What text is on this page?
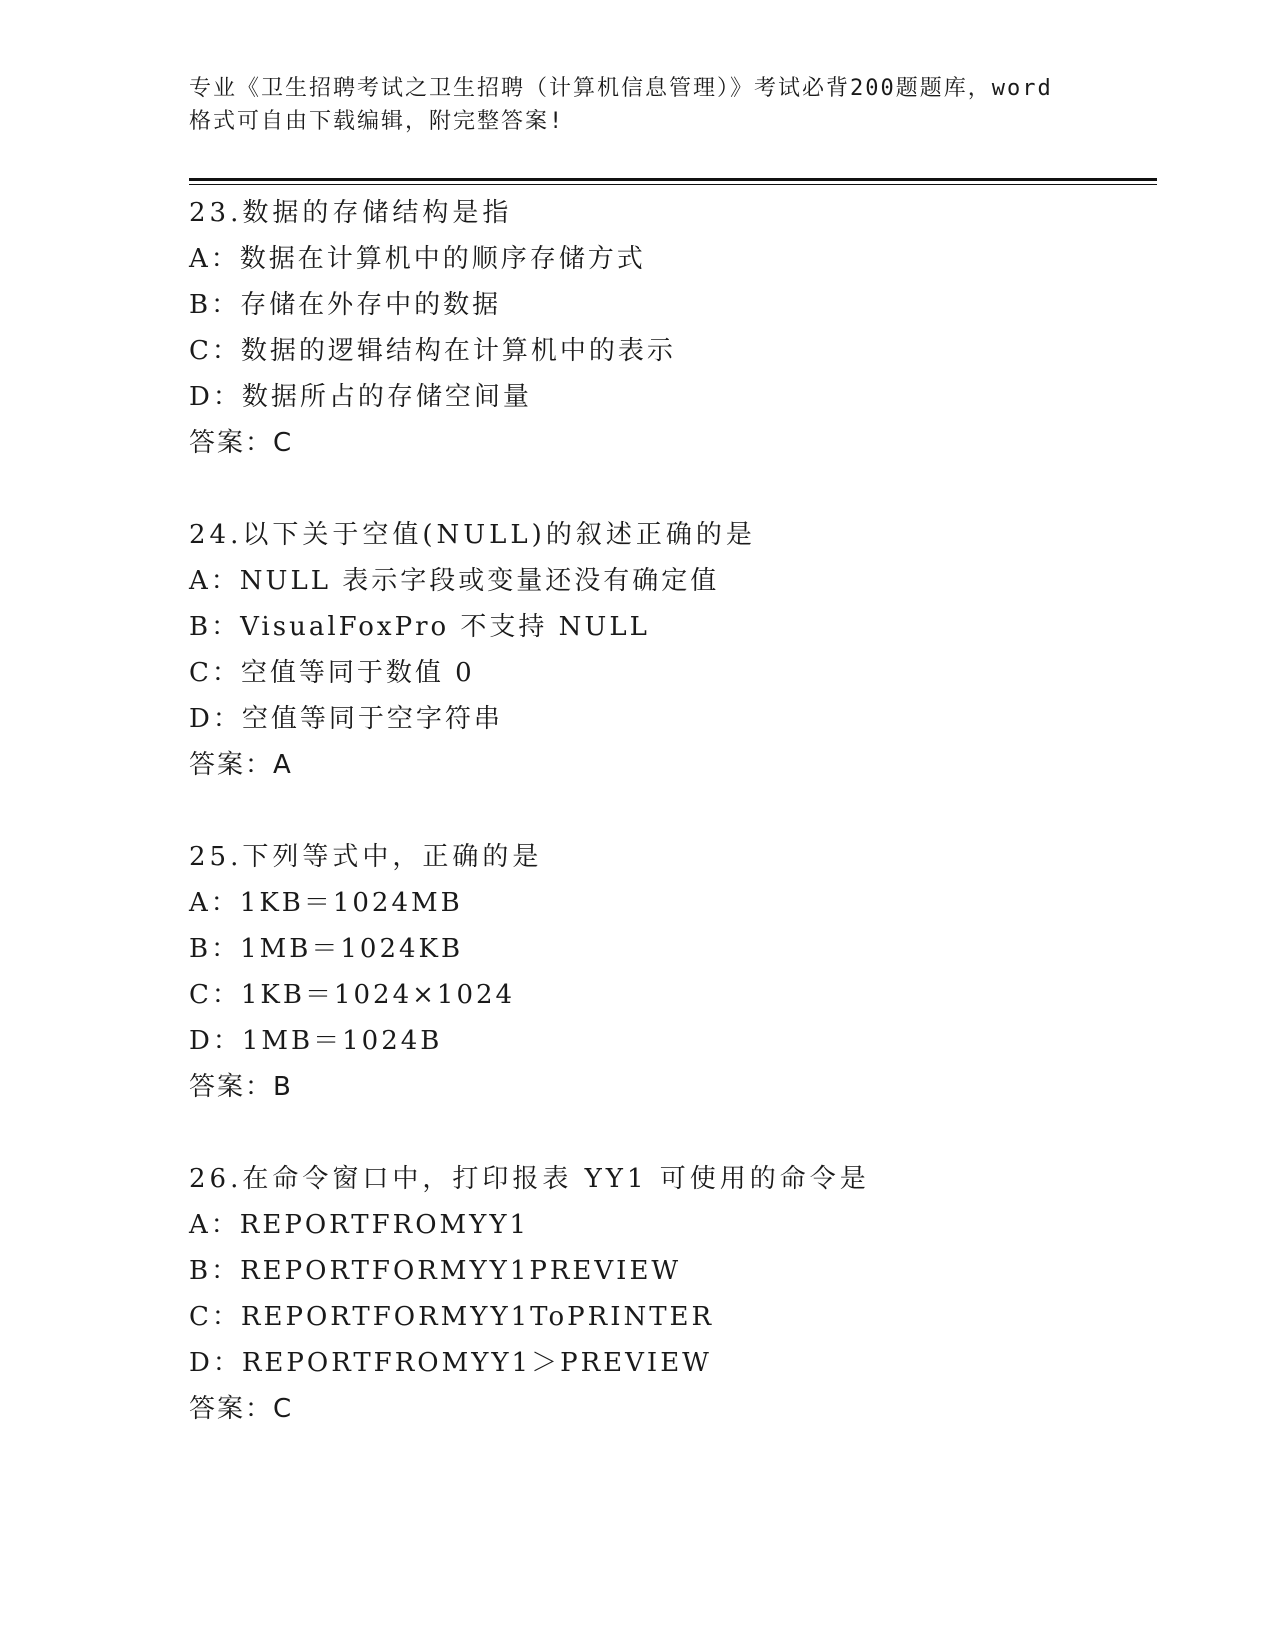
专业《卫生招聘考试之卫生招聘（计算机信息管理）》考试必背200题题库，word
格式可自由下载编辑，附完整答案!
23.数据的存储结构是指
A：数据在计算机中的顺序存储方式
B：存储在外存中的数据
C：数据的逻辑结构在计算机中的表示
D：数据所占的存储空间量
答案：C
24.以下关于空值(NULL)的叙述正确的是
A：NULL 表示字段或变量还没有确定值
B：VisualFoxPro 不支持 NULL
C：空值等同于数值 0
D：空值等同于空字符串
答案：A
25.下列等式中，正确的是
A：1KB＝1024MB
B：1MB＝1024KB
C：1KB＝1024×1024
D：1MB＝1024B
答案：B
26.在命令窗口中，打印报表 YY1 可使用的命令是
A：REPORTFROMYY1
B：REPORTFORMYY1PREVIEW
C：REPORTFORMYY1ToPRINTER
D：REPORTFROMYY1＞PREVIEW
答案：C
